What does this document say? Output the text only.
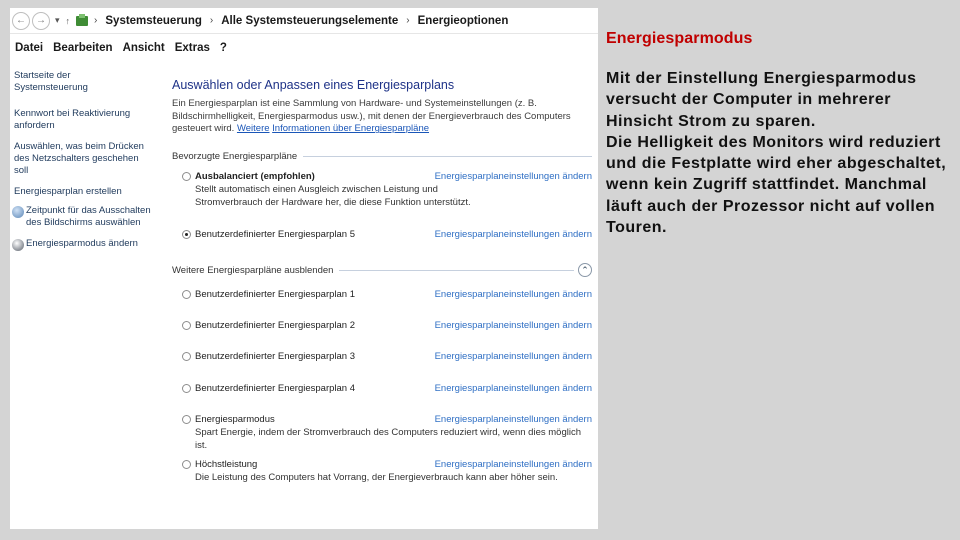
← → ▾ ↑ › Systemsteuerung › Alle Systemsteuerungselemente › Energieoptionen
Datei Bearbeiten Ansicht Extras ?
Startseite der Systemsteuerung
Kennwort bei Reaktivierung anfordern
Auswählen, was beim Drücken des Netzschalters geschehen soll
Energiesparplan erstellen
Zeitpunkt für das Ausschalten des Bildschirms auswählen
Energiesparmodus ändern
Auswählen oder Anpassen eines Energiesparplans
Ein Energiesparplan ist eine Sammlung von Hardware- und Systemeinstellungen (z. B. Bildschirmhelligkeit, Energiesparmodus usw.), mit denen der Energieverbrauch des Computers gesteuert wird. Weitere Informationen über Energiesparpläne
Bevorzugte Energiesparpläne
Ausbalanciert (empfohlen)	Energiesparplaneinstellungen ändern
Stellt automatisch einen Ausgleich zwischen Leistung und Stromverbrauch der Hardware her, die diese Funktion unterstützt.
Benutzerdefinierter Energiesparplan 5	Energiesparplaneinstellungen ändern
Weitere Energiesparpläne ausblenden	⌃
Benutzerdefinierter Energiesparplan 1	Energiesparplaneinstellungen ändern
Benutzerdefinierter Energiesparplan 2	Energiesparplaneinstellungen ändern
Benutzerdefinierter Energiesparplan 3	Energiesparplaneinstellungen ändern
Benutzerdefinierter Energiesparplan 4	Energiesparplaneinstellungen ändern
Energiesparmodus	Energiesparplaneinstellungen ändern
Spart Energie, indem der Stromverbrauch des Computers reduziert wird, wenn dies möglich ist.
Höchstleistung	Energiesparplaneinstellungen ändern
Die Leistung des Computers hat Vorrang, der Energieverbrauch kann aber höher sein.
Energiesparmodus

Mit der Einstellung Energiesparmodus versucht der Computer in mehrerer Hinsicht Strom zu sparen.

Die Helligkeit des Monitors wird reduziert und die Festplatte wird eher abgeschaltet, wenn kein Zugriff stattfindet. Manchmal läuft auch der Prozessor nicht auf vollen Touren.
